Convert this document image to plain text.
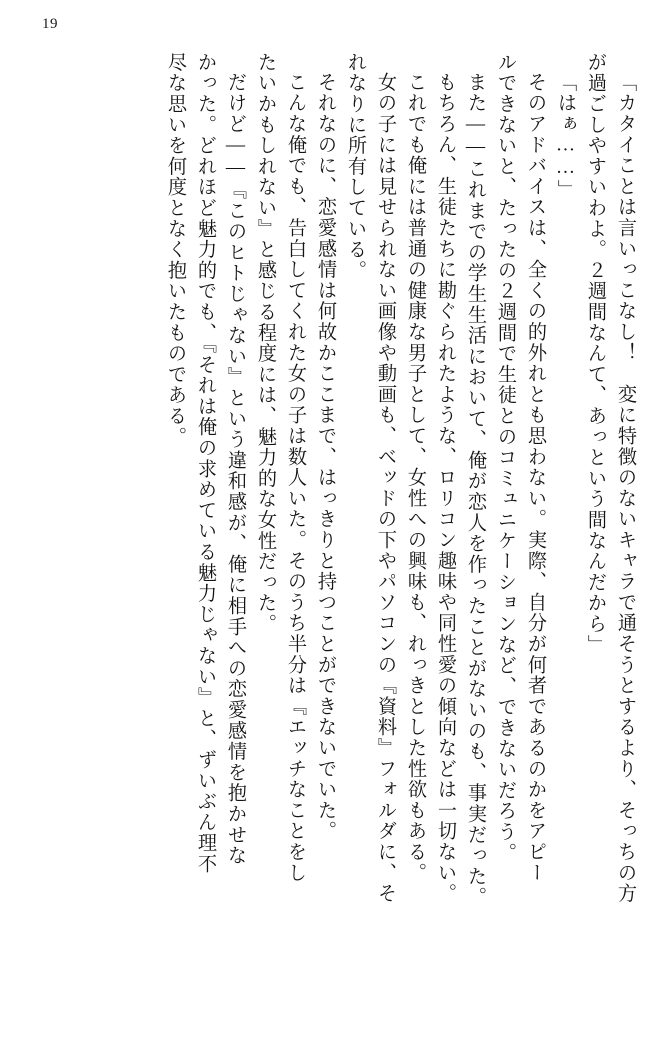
19
「カタイことは言いっこなし！　変に特徴のないキャラで通そうとするより、そっちの方
が過ごしやすいわよ。２週間なんて、あっという間なんだから」
「はぁ……」
そのアドバイスは、全くの的外れとも思わない。実際、自分が何者であるのかをアピー
ルできないと、たったの２週間で生徒とのコミュニケーションなど、できないだろう。
また――これまでの学生生活において、俺が恋人を作ったことがないのも、事実だった。
もちろん、生徒たちに勘ぐられたような、ロリコン趣味や同性愛の傾向などは一切ない。
これでも俺には普通の健康な男子として、女性への興味も、れっきとした性欲もある。
女の子には見せられない画像や動画も、ベッドの下やパソコンの『資料』フォルダに、そ
れなりに所有している。
それなのに、恋愛感情は何故かここまで、はっきりと持つことができないでいた。
こんな俺でも、告白してくれた女の子は数人いた。そのうち半分は『エッチなことをし
たいかもしれない』と感じる程度には、魅力的な女性だった。
だけど――『このヒトじゃない』という違和感が、俺に相手への恋愛感情を抱かせな
かった。どれほど魅力的でも、『それは俺の求めている魅力じゃない』と、ずいぶん理不
尽な思いを何度となく抱いたものである。
